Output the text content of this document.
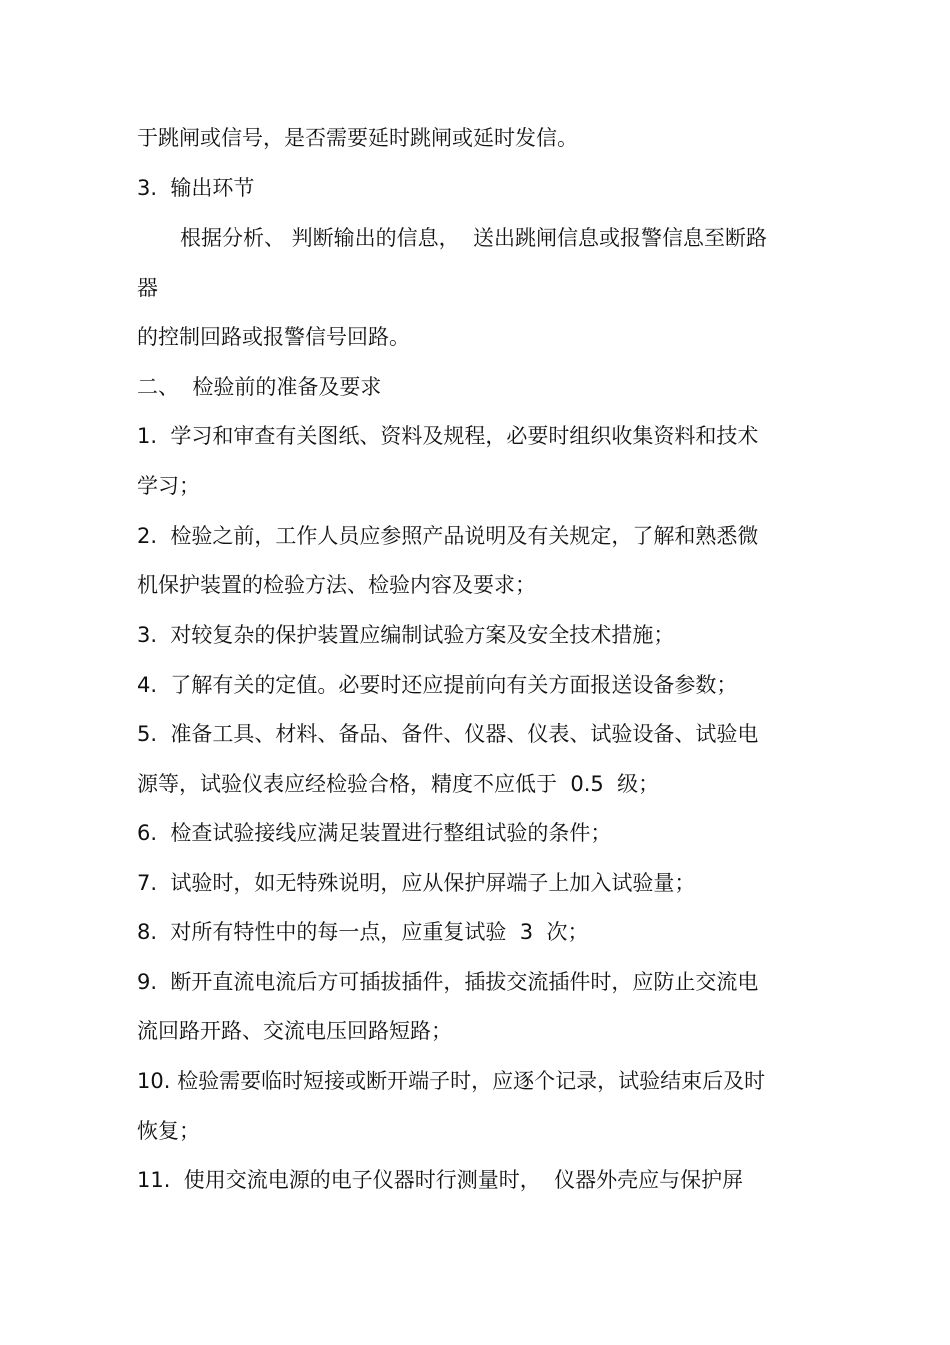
于跳闸或信号，是否需要延时跳闸或延时发信。
3.  输出环节
根据分析、 判断输出的信息，  送出跳闸信息或报警信息至断路
器
的控制回路或报警信号回路。
二、  检验前的准备及要求
1.  学习和审查有关图纸、资料及规程，必要时组织收集资料和技术
学习；
2.  检验之前，工作人员应参照产品说明及有关规定，了解和熟悉微
机保护装置的检验方法、检验内容及要求；
3.  对较复杂的保护装置应编制试验方案及安全技术措施；
4.  了解有关的定值。必要时还应提前向有关方面报送设备参数；
5.  准备工具、材料、备品、备件、仪器、仪表、试验设备、试验电
源等，试验仪表应经检验合格，精度不应低于  0.5  级；
6.  检查试验接线应满足装置进行整组试验的条件；
7.  试验时，如无特殊说明，应从保护屏端子上加入试验量；
8.  对所有特性中的每一点，应重复试验  3  次；
9.  断开直流电流后方可插拔插件，插拔交流插件时，应防止交流电
流回路开路、交流电压回路短路；
10. 检验需要临时短接或断开端子时，应逐个记录，试验结束后及时
恢复；
11.  使用交流电源的电子仪器时行测量时，  仪器外壳应与保护屏
